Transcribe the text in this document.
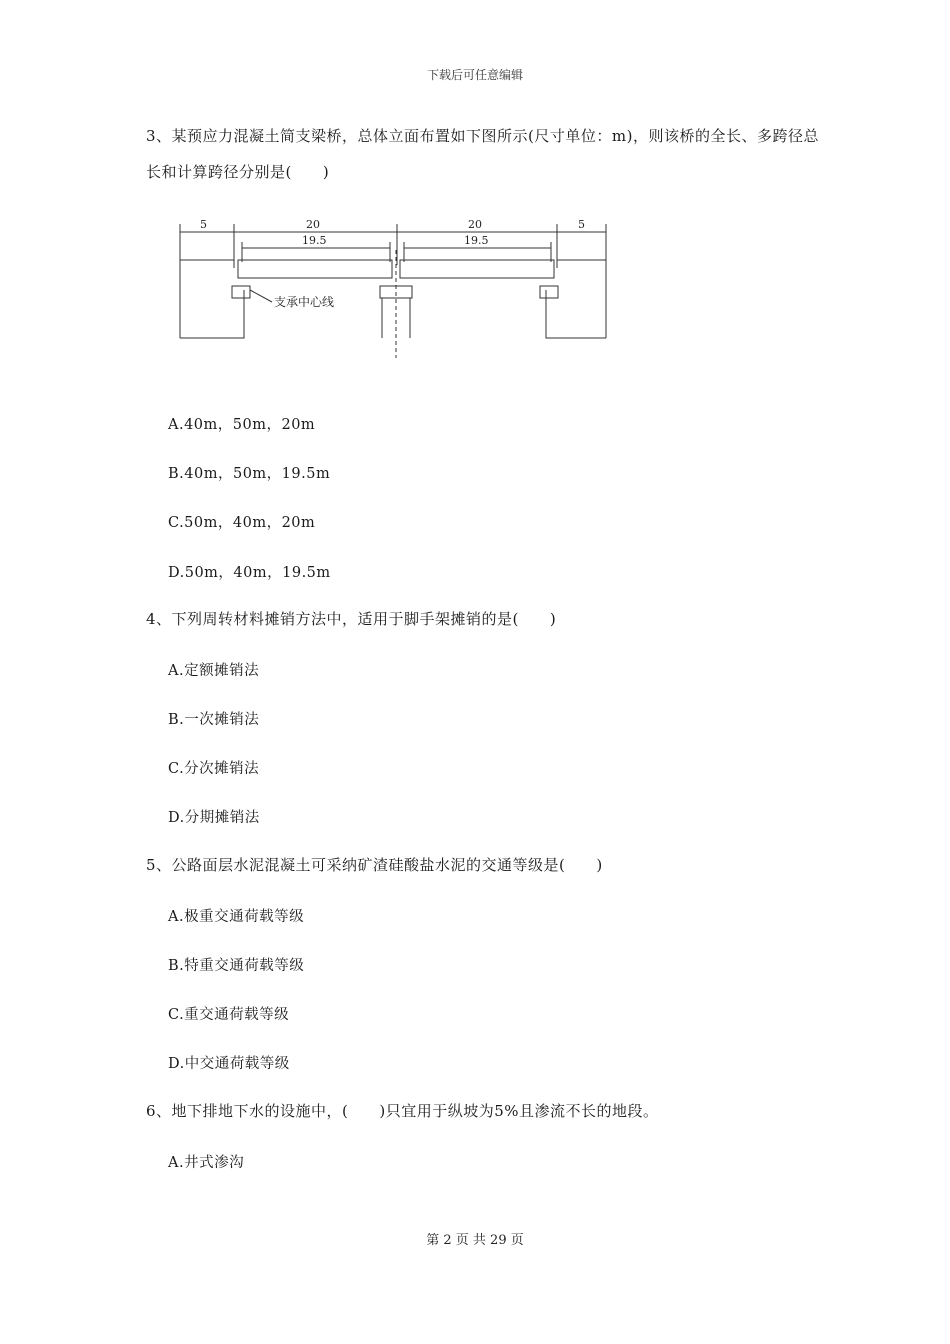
下载后可任意编辑
3、某预应力混凝土简支梁桥，总体立面布置如下图所示(尺寸单位：m)，则该桥的全长、多跨径总长和计算跨径分别是(　　)
5	20	20	5
19.5	19.5
支承中心线
A.40m，50m，20m
B.40m，50m，19.5m
C.50m，40m，20m
D.50m，40m，19.5m
4、下列周转材料摊销方法中，适用于脚手架摊销的是(　　)
A.定额摊销法
B.一次摊销法
C.分次摊销法
D.分期摊销法
5、公路面层水泥混凝土可采纳矿渣硅酸盐水泥的交通等级是(　　)
A.极重交通荷载等级
B.特重交通荷载等级
C.重交通荷载等级
D.中交通荷载等级
6、地下排地下水的设施中，(　　)只宜用于纵坡为5%且渗流不长的地段。
A.井式渗沟
第 2 页 共 29 页
